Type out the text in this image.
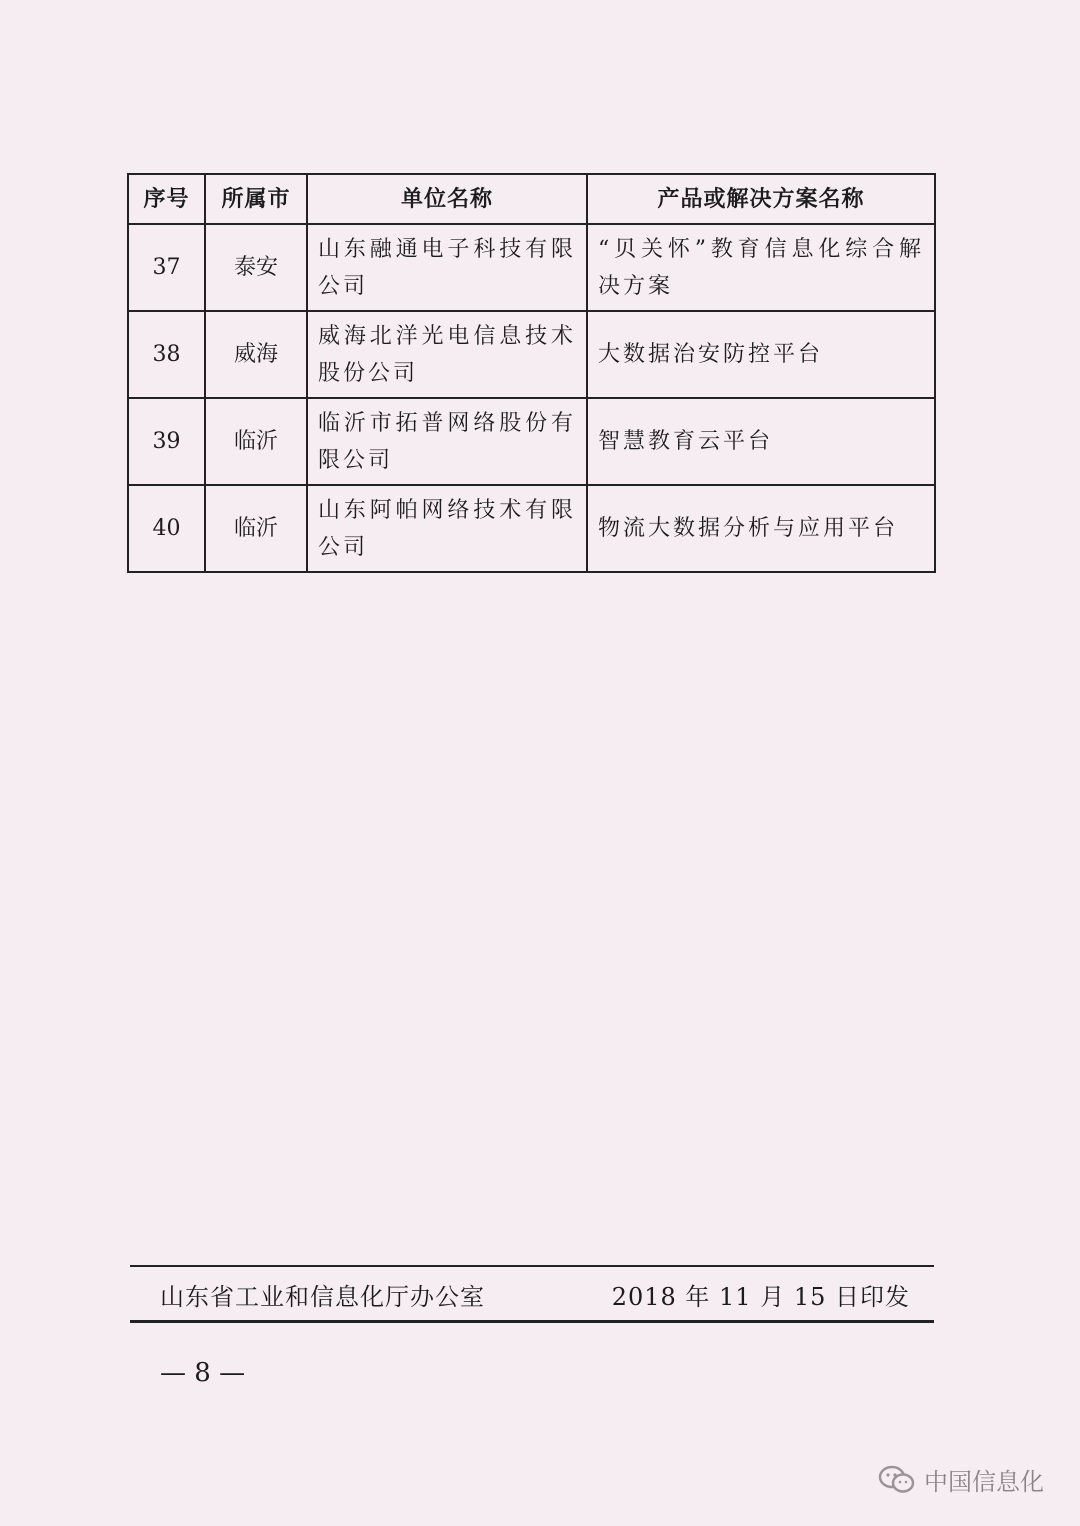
序号	所属市	单位名称	产品或解决方案名称
37	泰安	山东融通电子科技有限公司	“贝关怀”教育信息化综合解决方案
38	威海	威海北洋光电信息技术股份公司	大数据治安防控平台
39	临沂	临沂市拓普网络股份有限公司	智慧教育云平台
40	临沂	山东阿帕网络技术有限公司	物流大数据分析与应用平台
山东省工业和信息化厅办公室	2018 年 11 月 15 日印发
— 8 —
中国信息化
